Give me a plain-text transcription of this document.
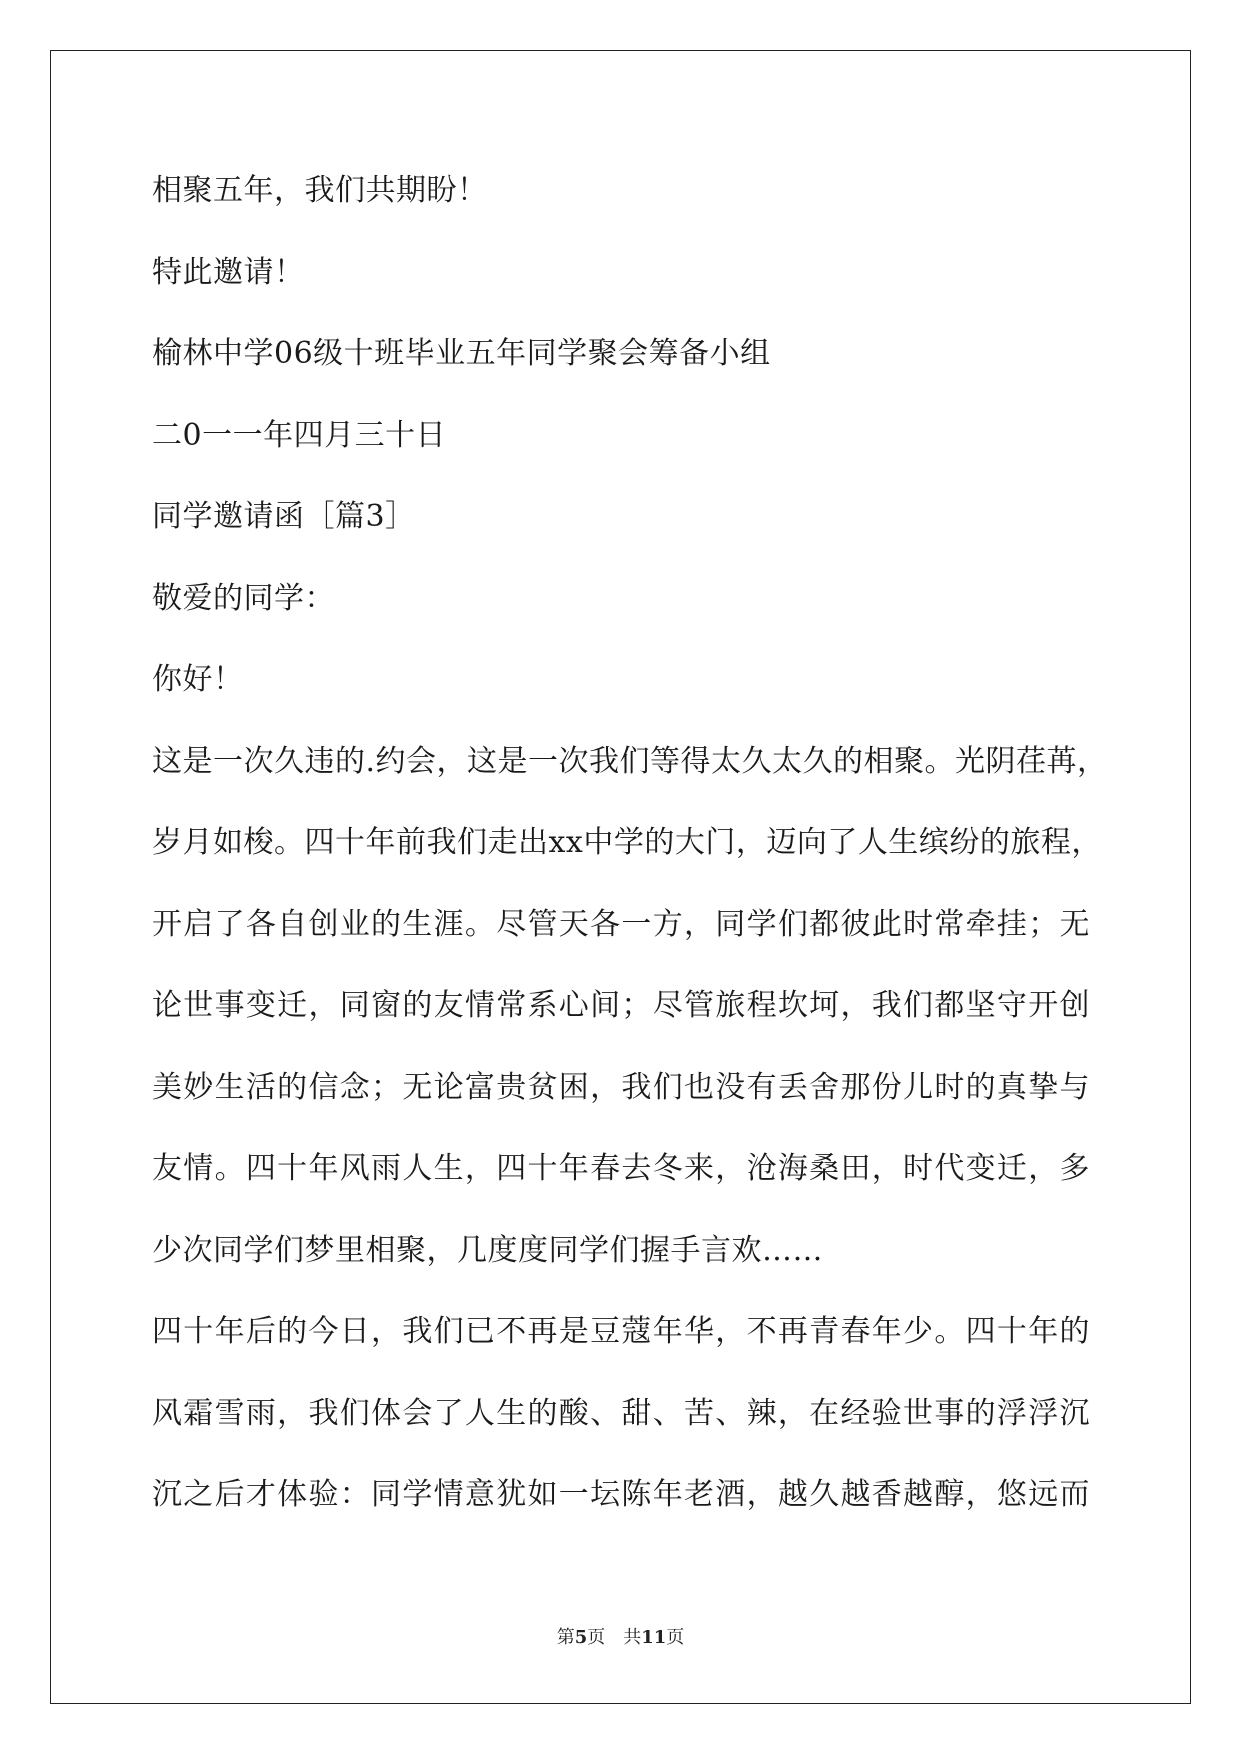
相聚五年，我们共期盼！
特此邀请！
榆林中学06级十班毕业五年同学聚会筹备小组
二0一一年四月三十日
同学邀请函［篇3］
敬爱的同学：
你好！
这是一次久违的.约会，这是一次我们等得太久太久的相聚。光阴荏苒，
岁月如梭。四十年前我们走出xx中学的大门，迈向了人生缤纷的旅程，
开启了各自创业的生涯。尽管天各一方，同学们都彼此时常牵挂；无
论世事变迁，同窗的友情常系心间；尽管旅程坎坷，我们都坚守开创
美妙生活的信念；无论富贵贫困，我们也没有丢舍那份儿时的真挚与
友情。四十年风雨人生，四十年春去冬来，沧海桑田，时代变迁，多
少次同学们梦里相聚，几度度同学们握手言欢……
四十年后的今日，我们已不再是豆蔻年华，不再青春年少。四十年的
风霜雪雨，我们体会了人生的酸、甜、苦、辣，在经验世事的浮浮沉
沉之后才体验：同学情意犹如一坛陈年老酒，越久越香越醇，悠远而
第5页　共11页
